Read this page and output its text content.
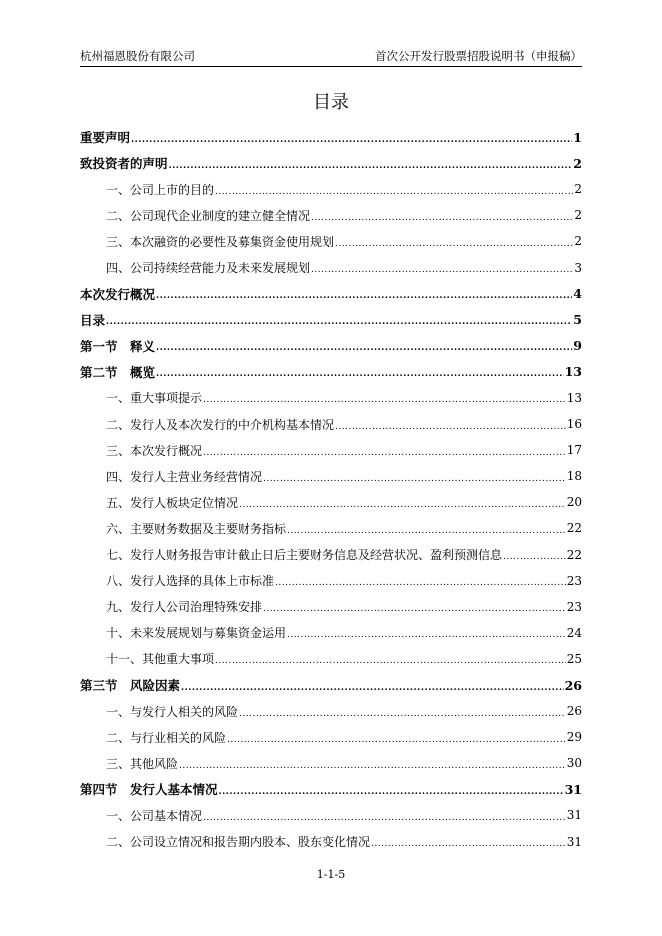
杭州福恩股份有限公司	首次公开发行股票招股说明书（申报稿）
目录
重要声明 .....	1
致投资者的声明 .....	2
一、公司上市的目的 .....	2
二、公司现代企业制度的建立健全情况 .....	2
三、本次融资的必要性及募集资金使用规划 .....	2
四、公司持续经营能力及未来发展规划 .....	3
本次发行概况 .....	4
目录 .....	5
第一节　释义 .....	9
第二节　概览 .....	13
一、重大事项提示 .....	13
二、发行人及本次发行的中介机构基本情况 .....	16
三、本次发行概况 .....	17
四、发行人主营业务经营情况 .....	18
五、发行人板块定位情况 .....	20
六、主要财务数据及主要财务指标 .....	22
七、发行人财务报告审计截止日后主要财务信息及经营状况、盈利预测信息 .....	22
八、发行人选择的具体上市标准 .....	23
九、发行人公司治理特殊安排 .....	23
十、未来发展规划与募集资金运用 .....	24
十一、其他重大事项 .....	25
第三节　风险因素 .....	26
一、与发行人相关的风险 .....	26
二、与行业相关的风险 .....	29
三、其他风险 .....	30
第四节　发行人基本情况 .....	31
一、公司基本情况 .....	31
二、公司设立情况和报告期内股本、股东变化情况 .....	31
1-1-5
